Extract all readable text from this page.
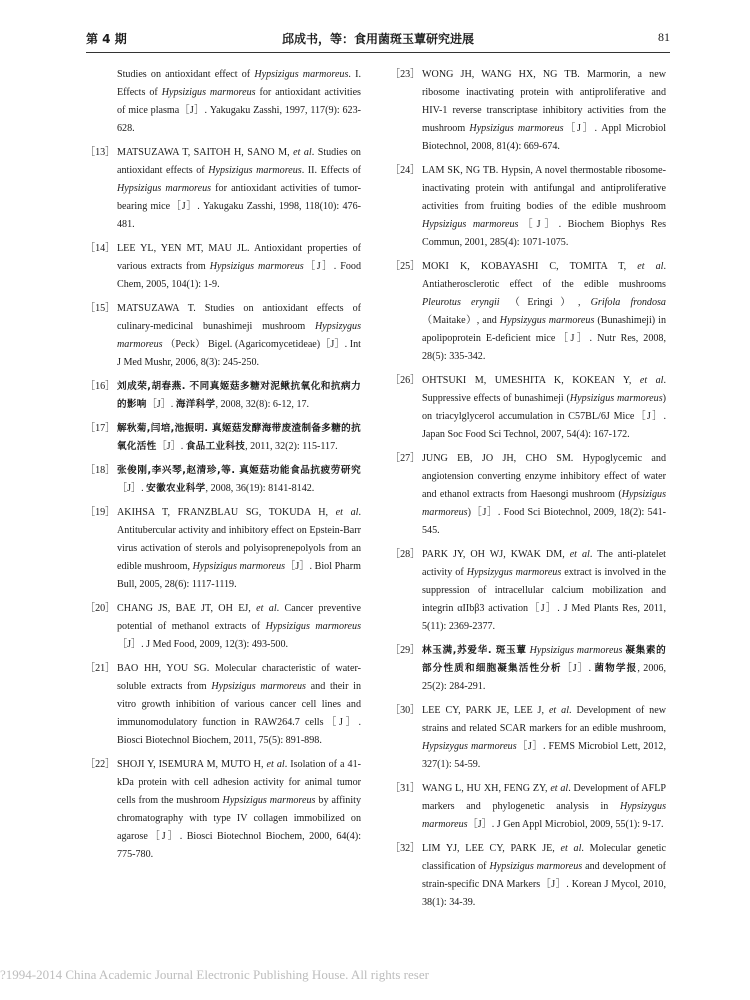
第 4 期	邱成书，等：食用菌斑玉蕈研究进展	81
Studies on antioxidant effect of Hypsizigus marmoreus. I. Effects of Hypsizigus marmoreus for antioxidant activities of mice plasma［J］. Yakugaku Zasshi, 1997, 117(9): 623-628.
［13］ MATSUZAWA T, SAITOH H, SANO M, et al. Studies on antioxidant effects of Hypsizigus marmoreus. II. Effects of Hypsizigus marmoreus for antioxidant activities of tumor-bearing mice［J］. Yakugaku Zasshi, 1998, 118(10): 476-481.
［14］ LEE YL, YEN MT, MAU JL. Antioxidant properties of various extracts from Hypsizigus marmoreus［J］. Food Chem, 2005, 104(1): 1-9.
［15］ MATSUZAWA T. Studies on antioxidant effects of culinary-medicinal bunashimeji mushroom Hypsizygus marmoreus （Peck） Bigel. (Agaricomycetideae)［J］. Int J Med Mushr, 2006, 8(3): 245-250.
［16］ 刘成荣,胡春燕. 不同真姬菇多糖对泥鳅抗氧化和抗病力的影响［J］. 海洋科学, 2008, 32(8): 6-12, 17.
［17］ 解秋菊,闫培,池振明. 真姬菇发酵海带废渣制备多糖的抗氧化活性［J］. 食品工业科技, 2011, 32(2): 115-117.
［18］ 张俊刚,李兴琴,赵清珍,等. 真姬菇功能食品抗疲劳研究［J］. 安徽农业科学, 2008, 36(19): 8141-8142.
［19］ AKIHSA T, FRANZBLAU SG, TOKUDA H, et al. Antitubercular activity and inhibitory effect on Epstein-Barr virus activation of sterols and polyisoprenepolyols from an edible mushroom, Hypsizigus marmoreus［J］. Biol Pharm Bull, 2005, 28(6): 1117-1119.
［20］ CHANG JS, BAE JT, OH EJ, et al. Cancer preventive potential of methanol extracts of Hypsizigus marmoreus［J］. J Med Food, 2009, 12(3): 493-500.
［21］ BAO HH, YOU SG. Molecular characteristic of water-soluble extracts from Hypsizigus marmoreus and their in vitro growth inhibition of various cancer cell lines and immunomodulatory function in RAW264.7 cells［J］. Biosci Biotechnol Biochem, 2011, 75(5): 891-898.
［22］ SHOJI Y, ISEMURA M, MUTO H, et al. Isolation of a 41-kDa protein with cell adhesion activity for animal tumor cells from the mushroom Hypsizigus marmoreus by affinity chromatography with type IV collagen immobilized on agarose［J］. Biosci Biotechnol Biochem, 2000, 64(4): 775-780.
［23］ WONG JH, WANG HX, NG TB. Marmorin, a new ribosome inactivating protein with antiproliferative and HIV-1 reverse transcriptase inhibitory activities from the mushroom Hypsizigus marmoreus［J］. Appl Microbiol Biotechnol, 2008, 81(4): 669-674.
［24］ LAM SK, NG TB. Hypsin, A novel thermostable ribosome-inactivating protein with antifungal and antiproliferative activities from fruiting bodies of the edible mushroom Hypsizigus marmoreus［J］. Biochem Biophys Res Commun, 2001, 285(4): 1071-1075.
［25］ MOKI K, KOBAYASHI C, TOMITA T, et al. Antiatherosclerotic effect of the edible mushrooms Pleurotus eryngii （Eringi）, Grifola frondosa （Maitake）, and Hypsizygus marmoreus (Bunashimeji) in apolipoprotein E-deficient mice［J］. Nutr Res, 2008, 28(5): 335-342.
［26］ OHTSUKI M, UMESHITA K, KOKEAN Y, et al. Suppressive effects of bunashimeji (Hypsizigus marmoreus) on triacylglycerol accumulation in C57BL/6J Mice［J］. Japan Soc Food Sci Technol, 2007, 54(4): 167-172.
［27］ JUNG EB, JO JH, CHO SM. Hypoglycemic and angiotension converting enzyme inhibitory effect of water and ethanol extracts from Haesongi mushroom (Hypsizigus marmoreus)［J］. Food Sci Biotechnol, 2009, 18(2): 541-545.
［28］ PARK JY, OH WJ, KWAK DM, et al. The anti-platelet activity of Hypsizygus marmoreus extract is involved in the suppression of intracellular calcium mobilization and integrin αIIbβ3 activation［J］. J Med Plants Res, 2011, 5(11): 2369-2377.
［29］ 林玉满,苏爱华. 斑玉蕈 Hypsizigus marmoreus 凝集素的部分性质和细胞凝集活性分析［J］. 菌物学报, 2006, 25(2): 284-291.
［30］ LEE CY, PARK JE, LEE J, et al. Development of new strains and related SCAR markers for an edible mushroom, Hypsizygus marmoreus［J］. FEMS Microbiol Lett, 2012, 327(1): 54-59.
［31］ WANG L, HU XH, FENG ZY, et al. Development of AFLP markers and phylogenetic analysis in Hypsizygus marmoreus［J］. J Gen Appl Microbiol, 2009, 55(1): 9-17.
［32］ LIM YJ, LEE CY, PARK JE, et al. Molecular genetic classification of Hypsizigus marmoreus and development of strain-specific DNA Markers［J］. Korean J Mycol, 2010, 38(1): 34-39.
?1994-2014 China Academic Journal Electronic Publishing House. All rights reser
